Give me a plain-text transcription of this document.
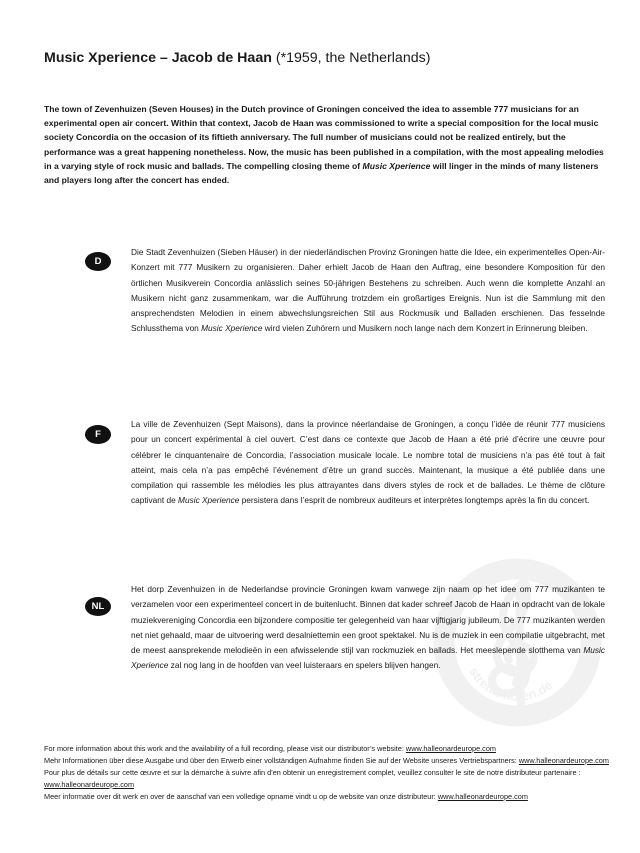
stretta-noten.de
Music Xperience – Jacob de Haan (*1959, the Netherlands)

The town of Zevenhuizen (Seven Houses) in the Dutch province of Groningen conceived the idea to assemble 777 musicians for an experimental open air concert. Within that context, Jacob de Haan was commissioned to write a special composition for the local music society Concordia on the occasion of its fiftieth anniversary. The full number of musicians could not be realized entirely, but the performance was a great happening nonetheless. Now, the music has been published in a compilation, with the most appealing melodies in a varying style of rock music and ballads. The compelling closing theme of Music Xperience will linger in the minds of many listeners and players long after the concert has ended.

D

Die Stadt Zevenhuizen (Sieben Häuser) in der niederländischen Provinz Groningen hatte die Idee, ein experimentelles Open-Air-Konzert mit 777 Musikern zu organisieren. Daher erhielt Jacob de Haan den Auftrag, eine besondere Komposition für den örtlichen Musikverein Concordia anlässlich seines 50-jährigen Bestehens zu schreiben. Auch wenn die komplette Anzahl an Musikern nicht ganz zusammenkam, war die Aufführung trotzdem ein großartiges Ereignis. Nun ist die Sammlung mit den ansprechendsten Melodien in einem abwechslungsreichen Stil aus Rockmusik und Balladen erschienen. Das fesselnde Schlussthema von Music Xperience wird vielen Zuhörern und Musikern noch lange nach dem Konzert in Erinnerung bleiben.

F

La ville de Zevenhuizen (Sept Maisons), dans la province néerlandaise de Groningen, a conçu l’idée de réunir 777 musiciens pour un concert expérimental à ciel ouvert. C’est dans ce contexte que Jacob de Haan a été prié d’écrire une œuvre pour célébrer le cinquantenaire de Concordia, l’association musicale locale. Le nombre total de musiciens n’a pas été tout à fait atteint, mais cela n’a pas empêché l’événement d’être un grand succès. Maintenant, la musique a été publiée dans une compilation qui rassemble les mélodies les plus attrayantes dans divers styles de rock et de ballades. Le thème de clôture captivant de Music Xperience persistera dans l’esprit de nombreux auditeurs et interprètes longtemps après la fin du concert.

NL

Het dorp Zevenhuizen in de Nederlandse provincie Groningen kwam vanwege zijn naam op het idee om 777 muzikanten te verzamelen voor een experimenteel concert in de buitenlucht. Binnen dat kader schreef Jacob de Haan in opdracht van de lokale muziekvereniging Concordia een bijzondere compositie ter gelegenheid van haar vijftigjarig jubileum. De 777 muzikanten werden net niet gehaald, maar de uitvoering werd desalniettemin een groot spektakel. Nu is de muziek in een compilatie uitgebracht, met de meest aansprekende melodieën in een afwisselende stijl van rockmuziek en ballads. Het meeslepende slotthema van Music Xperience zal nog lang in de hoofden van veel luisteraars en spelers blijven hangen.

For more information about this work and the availability of a full recording, please visit our distributor’s website: www.halleonardeurope.com

Mehr Informationen über diese Ausgabe und über den Erwerb einer vollständigen Aufnahme finden Sie auf der Website unseres Vertriebspartners: www.halleonardeurope.com

Pour plus de détails sur cette œuvre et sur la démarche à suivre afin d’en obtenir un enregistrement complet, veuillez consulter le site de notre distributeur partenaire : www.halleonardeurope.com

Meer informatie over dit werk en over de aanschaf van een volledige opname vindt u op de website van onze distributeur: www.halleonardeurope.com
